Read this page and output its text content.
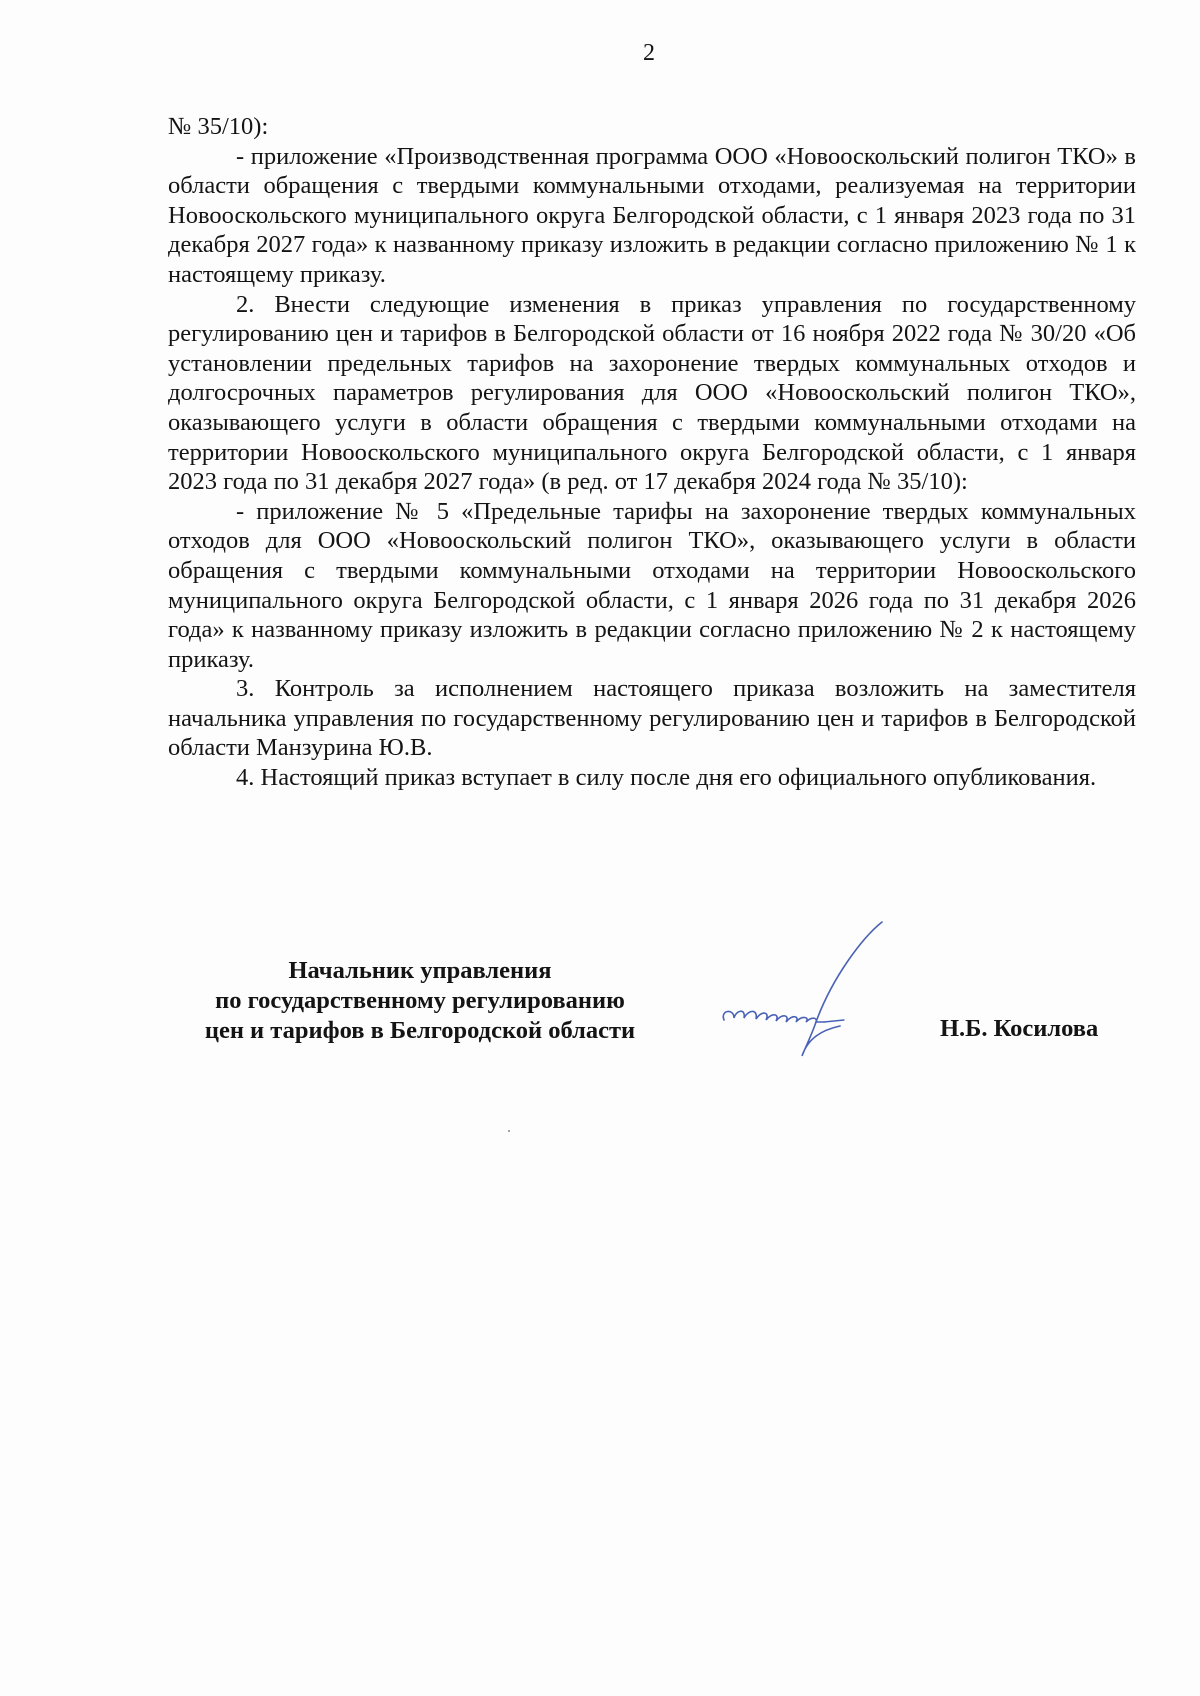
2

№ 35/10):

- приложение «Производственная программа ООО «Новооскольский полигон ТКО» в области обращения с твердыми коммунальными отходами, реализуемая на территории Новооскольского муниципального округа Белгородской области, с 1 января 2023 года по 31 декабря 2027 года» к названному приказу изложить в редакции согласно приложению № 1 к настоящему приказу.

2. Внести следующие изменения в приказ управления по государственному регулированию цен и тарифов в Белгородской области от 16 ноября 2022 года № 30/20 «Об установлении предельных тарифов на захоронение твердых коммунальных отходов и долгосрочных параметров регулирования для ООО «Новооскольский полигон ТКО», оказывающего услуги в области обращения с твердыми коммунальными отходами на территории Новооскольского муниципального округа Белгородской области, с 1 января 2023 года по 31 декабря 2027 года» (в ред. от 17 декабря 2024 года № 35/10):

- приложение № 5 «Предельные тарифы на захоронение твердых коммунальных отходов для ООО «Новооскольский полигон ТКО», оказывающего услуги в области обращения с твердыми коммунальными отходами на территории Новооскольского муниципального округа Белгородской области, с 1 января 2026 года по 31 декабря 2026 года» к названному приказу изложить в редакции согласно приложению № 2 к настоящему приказу.

3. Контроль за исполнением настоящего приказа возложить на заместителя начальника управления по государственному регулированию цен и тарифов в Белгородской области Манзурина Ю.В.

4. Настоящий приказ вступает в силу после дня его официального опубликования.

Начальник управления
по государственному регулированию
цен и тарифов в Белгородской области	Н.Б. Косилова
